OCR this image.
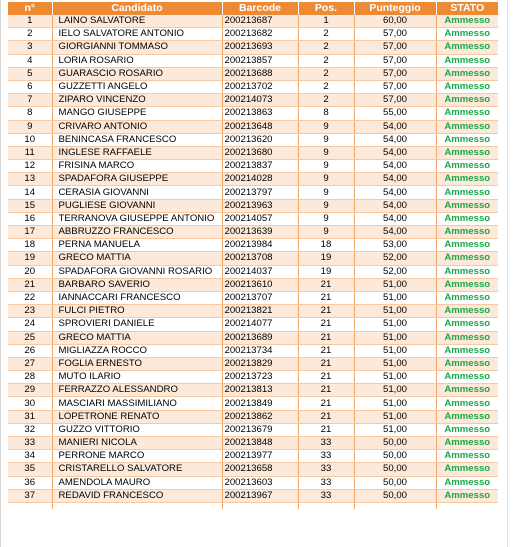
n°	Candidato	Barcode	Pos.	Punteggio	STATO
1	LAINO SALVATORE	200213687	1	60,00	Ammesso
2	IELO SALVATORE ANTONIO	200213682	2	57,00	Ammesso
3	GIORGIANNI TOMMASO	200213693	2	57,00	Ammesso
4	LORIA ROSARIO	200213857	2	57,00	Ammesso
5	GUARASCIO ROSARIO	200213688	2	57,00	Ammesso
6	GUZZETTI ANGELO	200213702	2	57,00	Ammesso
7	ZIPARO VINCENZO	200214073	2	57,00	Ammesso
8	MANGO GIUSEPPE	200213863	8	55,00	Ammesso
9	CRIVARO ANTONIO	200213648	9	54,00	Ammesso
10	BENINCASA FRANCESCO	200213620	9	54,00	Ammesso
11	INGLESE RAFFAELE	200213680	9	54,00	Ammesso
12	FRISINA MARCO	200213837	9	54,00	Ammesso
13	SPADAFORA GIUSEPPE	200214028	9	54,00	Ammesso
14	CERASIA GIOVANNI	200213797	9	54,00	Ammesso
15	PUGLIESE GIOVANNI	200213963	9	54,00	Ammesso
16	TERRANOVA GIUSEPPE ANTONIO	200214057	9	54,00	Ammesso
17	ABBRUZZO FRANCESCO	200213639	9	54,00	Ammesso
18	PERNA MANUELA	200213984	18	53,00	Ammesso
19	GRECO MATTIA	200213708	19	52,00	Ammesso
20	SPADAFORA GIOVANNI ROSARIO	200214037	19	52,00	Ammesso
21	BARBARO SAVERIO	200213610	21	51,00	Ammesso
22	IANNACCARI FRANCESCO	200213707	21	51,00	Ammesso
23	FULCI PIETRO	200213821	21	51,00	Ammesso
24	SPROVIERI DANIELE	200214077	21	51,00	Ammesso
25	GRECO MATTIA	200213689	21	51,00	Ammesso
26	MIGLIAZZA ROCCO	200213734	21	51,00	Ammesso
27	FOGLIA ERNESTO	200213829	21	51,00	Ammesso
28	MUTO ILARIO	200213723	21	51,00	Ammesso
29	FERRAZZO ALESSANDRO	200213813	21	51,00	Ammesso
30	MASCIARI MASSIMILIANO	200213849	21	51,00	Ammesso
31	LOPETRONE RENATO	200213862	21	51,00	Ammesso
32	GUZZO VITTORIO	200213679	21	51,00	Ammesso
33	MANIERI NICOLA	200213848	33	50,00	Ammesso
34	PERRONE MARCO	200213977	33	50,00	Ammesso
35	CRISTARELLO SALVATORE	200213658	33	50,00	Ammesso
36	AMENDOLA MAURO	200213603	33	50,00	Ammesso
37	REDAVID FRANCESCO	200213967	33	50,00	Ammesso
